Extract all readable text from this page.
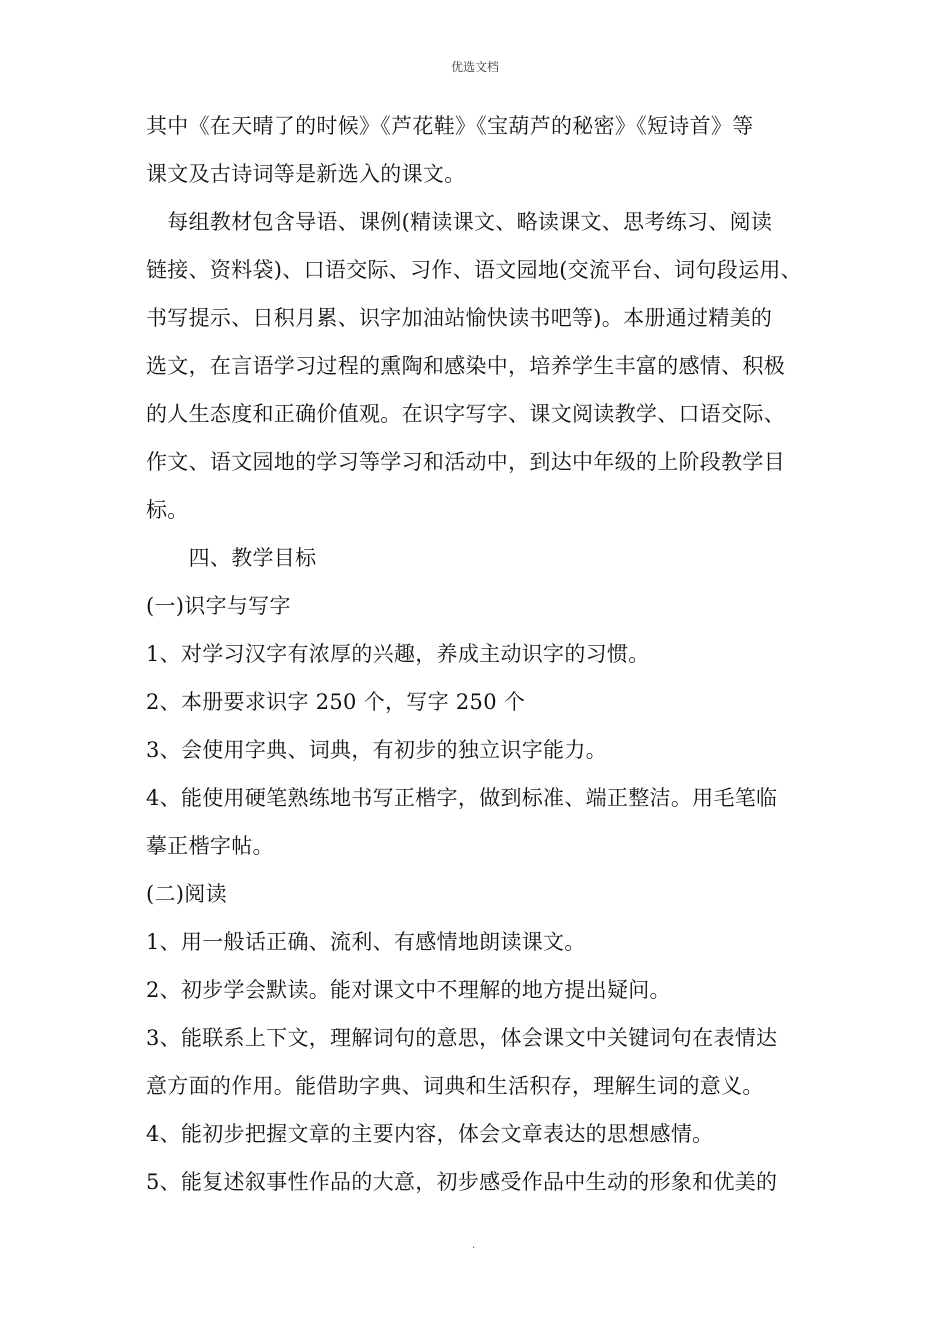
优选文档
其中《在天晴了的时候》《芦花鞋》《宝葫芦的秘密》《短诗首》等
课文及古诗词等是新选入的课文。
　每组教材包含导语、课例(精读课文、略读课文、思考练习、阅读
链接、资料袋)、口语交际、习作、语文园地(交流平台、词句段运用、
书写提示、日积月累、识字加油站愉快读书吧等)。本册通过精美的
选文，在言语学习过程的熏陶和感染中，培养学生丰富的感情、积极
的人生态度和正确价值观。在识字写字、课文阅读教学、口语交际、
作文、语文园地的学习等学习和活动中，到达中年级的上阶段教学目
标。
　　四、教学目标
(一)识字与写字
1、对学习汉字有浓厚的兴趣，养成主动识字的习惯。
2、本册要求识字 250 个，写字 250 个
3、会使用字典、词典，有初步的独立识字能力。
4、能使用硬笔熟练地书写正楷字，做到标准、端正整洁。用毛笔临
摹正楷字帖。
(二)阅读
1、用一般话正确、流利、有感情地朗读课文。
2、初步学会默读。能对课文中不理解的地方提出疑问。
3、能联系上下文，理解词句的意思，体会课文中关键词句在表情达
意方面的作用。能借助字典、词典和生活积存，理解生词的意义。
4、能初步把握文章的主要内容，体会文章表达的思想感情。
5、能复述叙事性作品的大意，初步感受作品中生动的形象和优美的
.
